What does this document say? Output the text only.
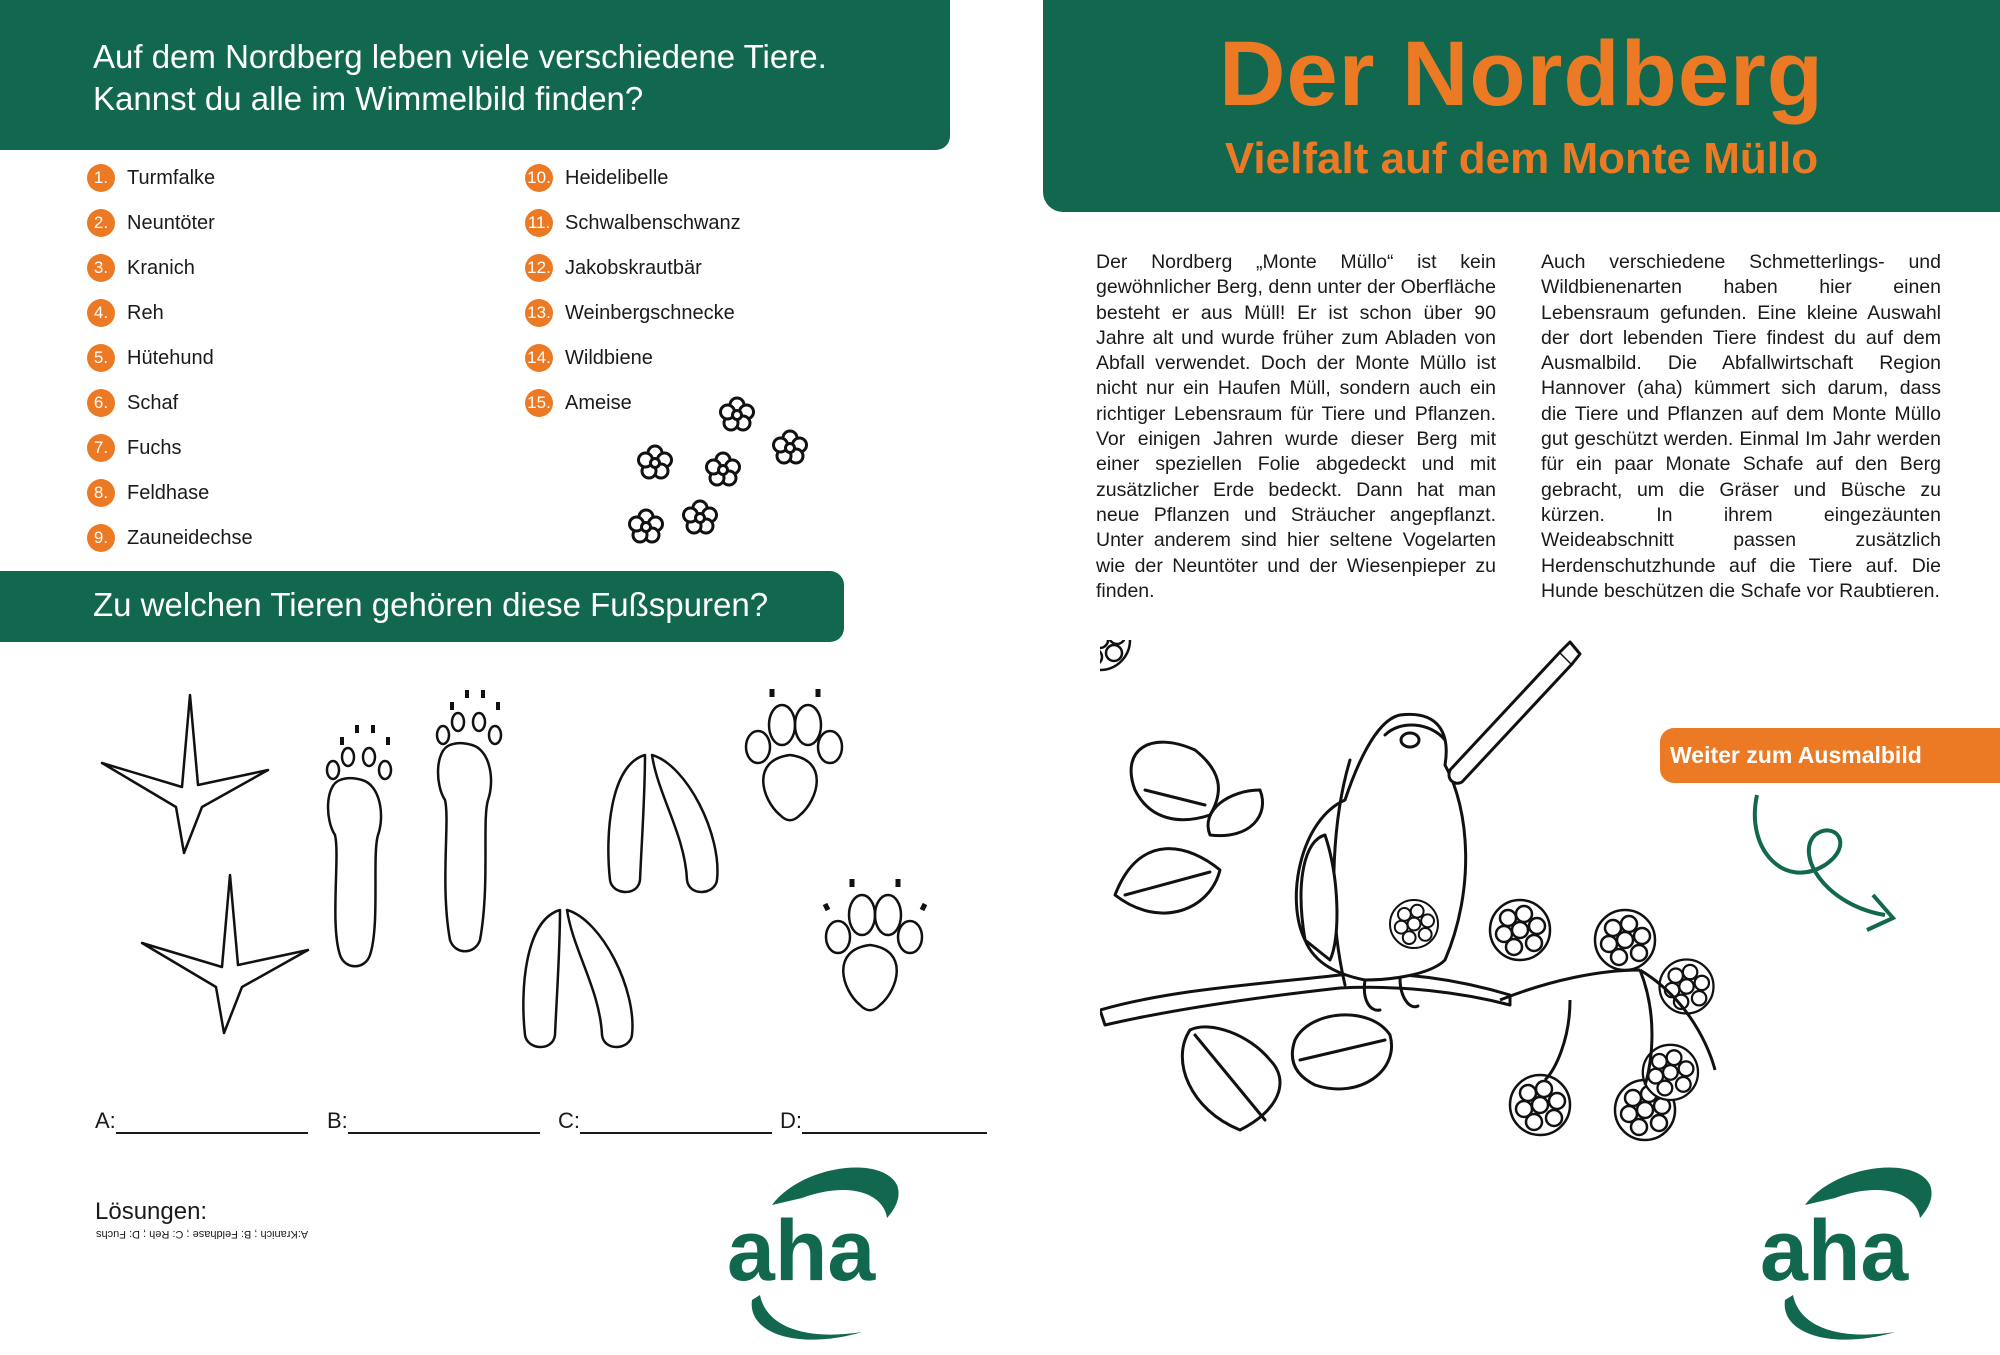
Auf dem Nordberg leben viele verschiedene Tiere.
Kannst du alle im Wimmelbild finden?
1. Turmfalke
2. Neuntöter
3. Kranich
4. Reh
5. Hütehund
6. Schaf
7. Fuchs
8. Feldhase
9. Zauneidechse
10. Heidelibelle
11. Schwalbenschwanz
12. Jakobskrautbär
13. Weinbergschnecke
14. Wildbiene
15. Ameise
Zu welchen Tieren gehören diese Fußspuren?
A:	B:	C:	D:
Lösungen:
A:Kranich ; B: Feldhase ; C: Reh ; D: Fuchs	aha
Der Nordberg
Vielfalt auf dem Monte Müllo
Der Nordberg „Monte Müllo“ ist kein gewöhnlicher Berg, denn unter der Oberfläche besteht er aus Müll! Er ist schon über 90 Jahre alt und wurde früher zum Abladen von Abfall verwendet. Doch der Monte Müllo ist nicht nur ein Haufen Müll, sondern auch ein richtiger Lebensraum für Tiere und Pflanzen. Vor einigen Jahren wurde dieser Berg mit einer speziellen Folie abgedeckt und mit zusätzlicher Erde bedeckt. Dann hat man neue Pflanzen und Sträucher angepflanzt. Unter anderem sind hier seltene Vogelarten wie der Neuntöter und der Wiesenpieper zu finden.
Auch verschiedene Schmetterlings- und Wildbienenarten haben hier einen Lebensraum gefunden. Eine kleine Auswahl der dort lebenden Tiere findest du auf dem Ausmalbild. Die Abfallwirtschaft Region Hannover (aha) kümmert sich darum, dass die Tiere und Pflanzen auf dem Monte Müllo gut geschützt werden. Einmal Im Jahr werden für ein paar Monate Schafe auf den Berg gebracht, um die Gräser und Büsche zu kürzen. In ihrem eingezäunten Weideabschnitt passen zusätzlich Herdenschutzhunde auf die Tiere auf. Die Hunde beschützen die Schafe vor Raubtieren.
Weiter zum Ausmalbild
aha
